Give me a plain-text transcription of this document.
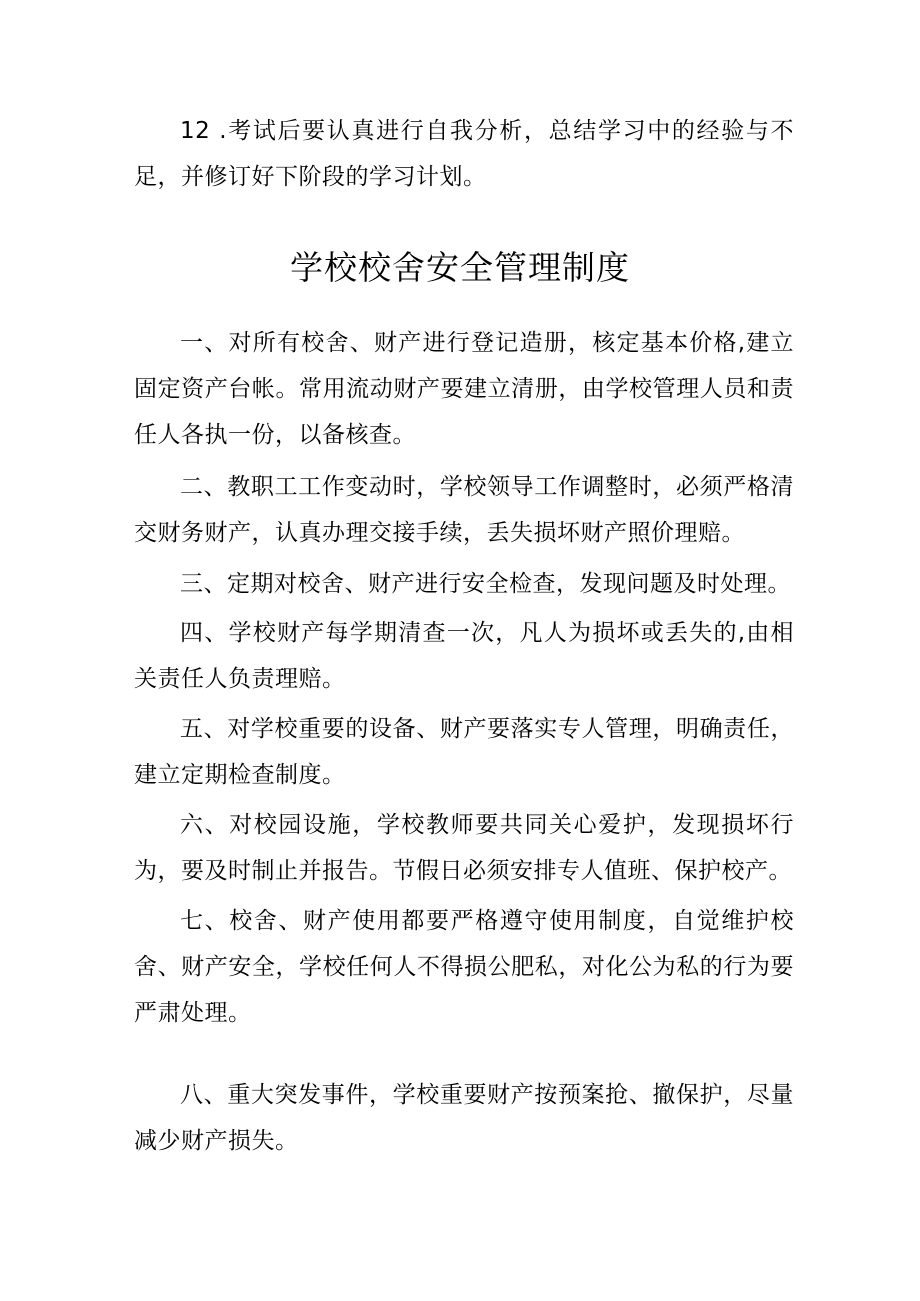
12 .考试后要认真进行自我分析，总结学习中的经验与不足，并修订好下阶段的学习计划。

学校校舍安全管理制度

一、对所有校舍、财产进行登记造册，核定基本价格,建立固定资产台帐。常用流动财产要建立清册，由学校管理人员和责任人各执一份，以备核查。

二、教职工工作变动时，学校领导工作调整时，必须严格清交财务财产，认真办理交接手续，丢失损坏财产照价理赔。

三、定期对校舍、财产进行安全检查，发现问题及时处理。

四、学校财产每学期清查一次，凡人为损坏或丢失的,由相关责任人负责理赔。

五、对学校重要的设备、财产要落实专人管理，明确责任，建立定期检查制度。

六、对校园设施，学校教师要共同关心爱护，发现损坏行为，要及时制止并报告。节假日必须安排专人值班、保护校产。

七、校舍、财产使用都要严格遵守使用制度，自觉维护校舍、财产安全，学校任何人不得损公肥私，对化公为私的行为要严肃处理。

八、重大突发事件，学校重要财产按预案抢、撤保护，尽量减少财产损失。
